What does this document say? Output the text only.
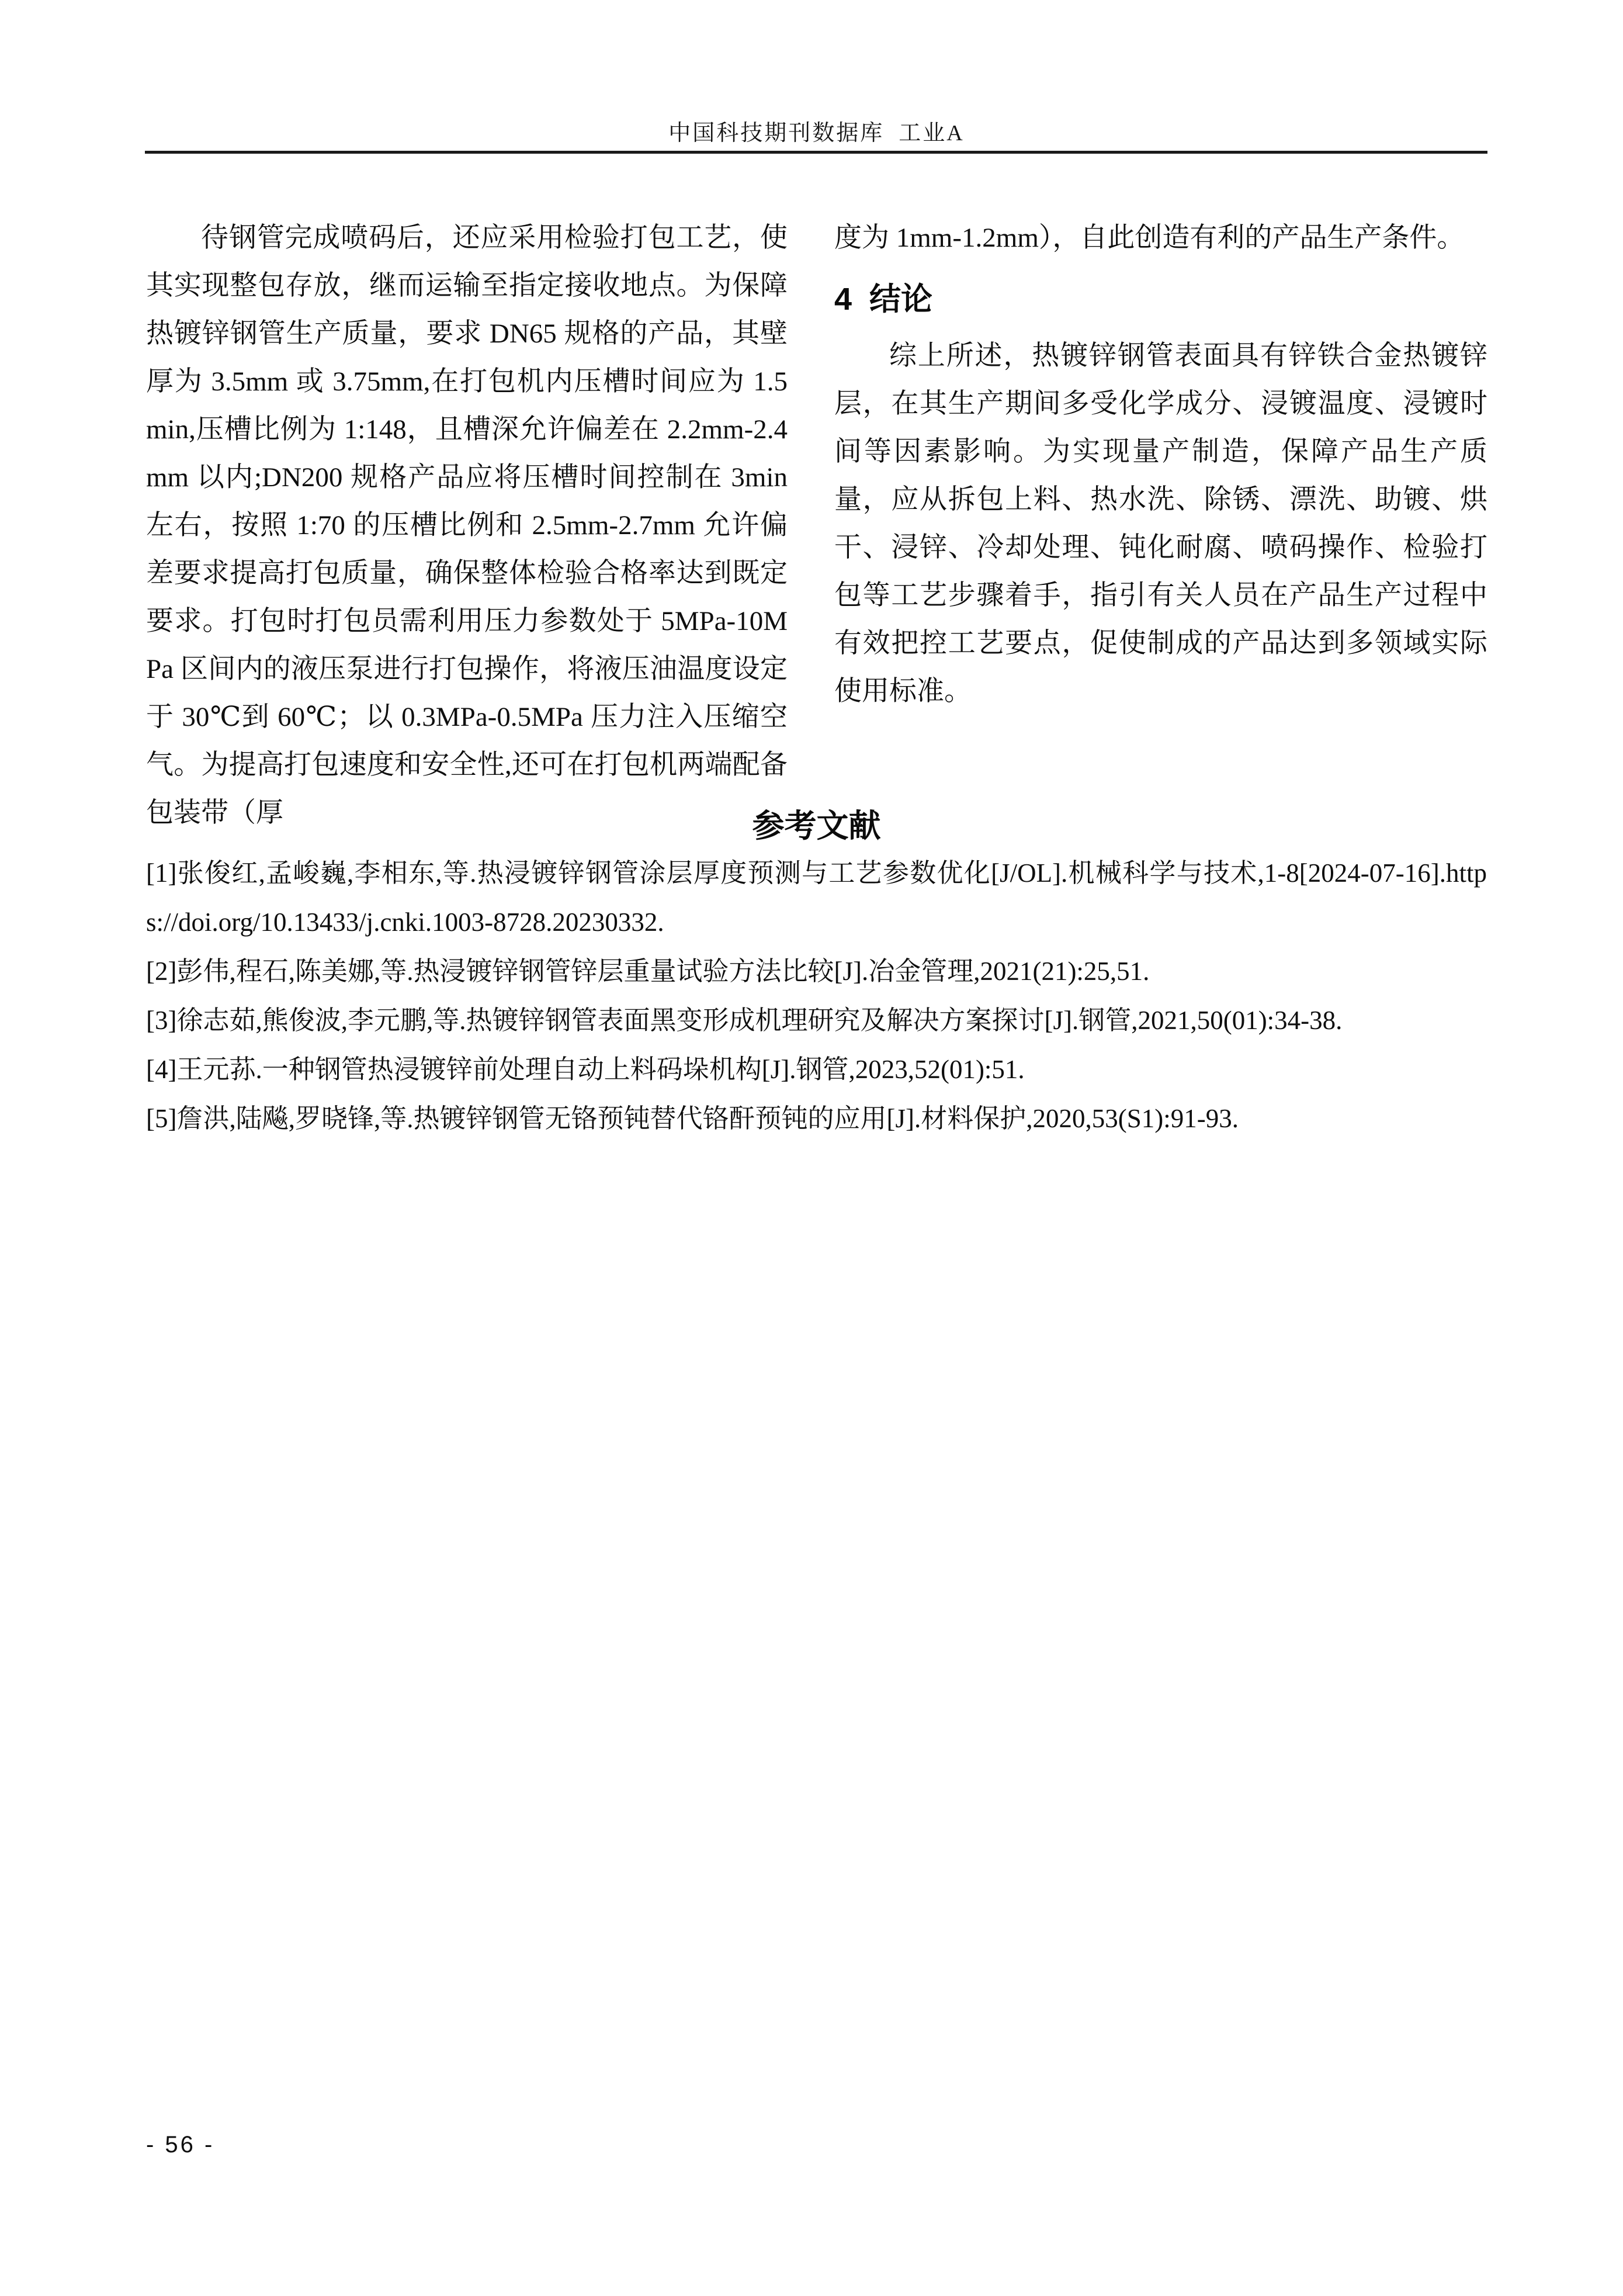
中国科技期刊数据库  工业A

待钢管完成喷码后，还应采用检验打包工艺，使其实现整包存放，继而运输至指定接收地点。为保障热镀锌钢管生产质量，要求 DN65 规格的产品，其壁厚为 3.5mm 或 3.75mm,在打包机内压槽时间应为 1.5min,压槽比例为 1:148，且槽深允许偏差在 2.2mm-2.4mm 以内;DN200 规格产品应将压槽时间控制在 3min 左右，按照 1:70 的压槽比例和 2.5mm-2.7mm 允许偏差要求提高打包质量，确保整体检验合格率达到既定要求。打包时打包员需利用压力参数处于 5MPa-10MPa 区间内的液压泵进行打包操作，将液压油温度设定于 30℃到 60℃；以 0.3MPa-0.5MPa 压力注入压缩空气。为提高打包速度和安全性,还可在打包机两端配备包装带（厚

度为 1mm-1.2mm），自此创造有利的产品生产条件。

4  结论

综上所述，热镀锌钢管表面具有锌铁合金热镀锌层，在其生产期间多受化学成分、浸镀温度、浸镀时间等因素影响。为实现量产制造，保障产品生产质量，应从拆包上料、热水洗、除锈、漂洗、助镀、烘干、浸锌、冷却处理、钝化耐腐、喷码操作、检验打包等工艺步骤着手，指引有关人员在产品生产过程中有效把控工艺要点，促使制成的产品达到多领域实际使用标准。

参考文献

[1]张俊红,孟峻巍,李相东,等.热浸镀锌钢管涂层厚度预测与工艺参数优化[J/OL].机械科学与技术,1-8[2024-07-16].https://doi.org/10.13433/j.cnki.1003-8728.20230332.

[2]彭伟,程石,陈美娜,等.热浸镀锌钢管锌层重量试验方法比较[J].冶金管理,2021(21):25,51.

[3]徐志茹,熊俊波,李元鹏,等.热镀锌钢管表面黑变形成机理研究及解决方案探讨[J].钢管,2021,50(01):34-38.

[4]王元荪.一种钢管热浸镀锌前处理自动上料码垛机构[J].钢管,2023,52(01):51.

[5]詹洪,陆飚,罗晓锋,等.热镀锌钢管无铬预钝替代铬酐预钝的应用[J].材料保护,2020,53(S1):91-93.

- 56 -
